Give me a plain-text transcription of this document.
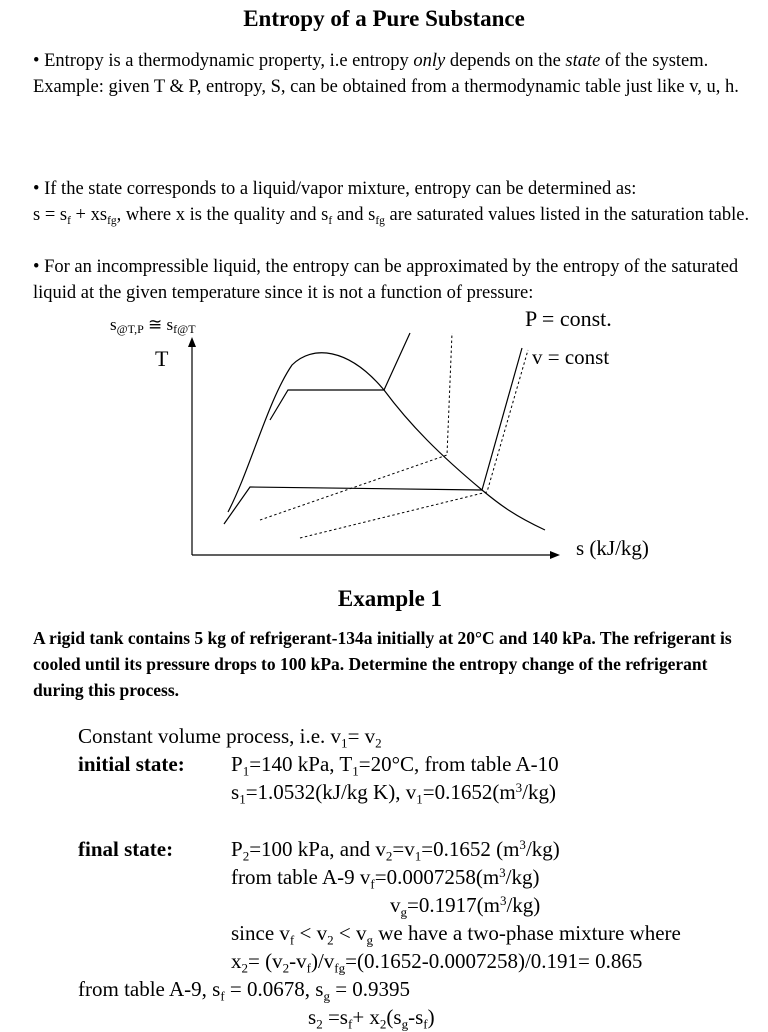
Entropy of a Pure Substance
• Entropy is a thermodynamic property, i.e entropy only depends on the state of the system.
Example: given T & P, entropy, S, can be obtained from a thermodynamic table just like v, u, h.
• If the state corresponds to a liquid/vapor mixture, entropy can be determined as:
$s = s_f + xs_{fg}$, where x is the quality and $s_f$ and $s_{fg}$ are saturated values listed in the saturation table.
• For an incompressible liquid, the entropy can be approximated by the entropy of the saturated liquid at the given temperature since it is not a function of pressure:
s@T,P ≅ sf@T
T
P = const.
v = const
s (kJ/kg)
Example 1
A rigid tank contains 5 kg of refrigerant-134a initially at 20°C and 140 kPa. The refrigerant is cooled until its pressure drops to 100 kPa. Determine the entropy change of the refrigerant during this process.
Constant volume process, i.e. $v_1= v_2$
initial state: $P_1=140$ kPa, $T_1=20^\circ C$, from table A-10
$s_1=1.0532(kJ/kg$ K), $v_1=0.1652(m^3/kg)$
final state:	$P_2=100$ kPa, and $v_2=v_1=0.1652$ $(m^3/kg)$
from table A-9 $v_f=0.0007258(m^3/kg)$
$v_g=0.1917(m^3/kg)$
since $v_f < v_2 < v_g$ we have a two-phase mixture where
$x_2= (v_2-v_f)/v_{fg}=(0.1652-0.0007258)/0.191= 0.865$
from table A-9, $s_f = 0.0678$, $s_g = 0.9395$
$s_2 =s_f+ x_2(s_g-s_f)$
